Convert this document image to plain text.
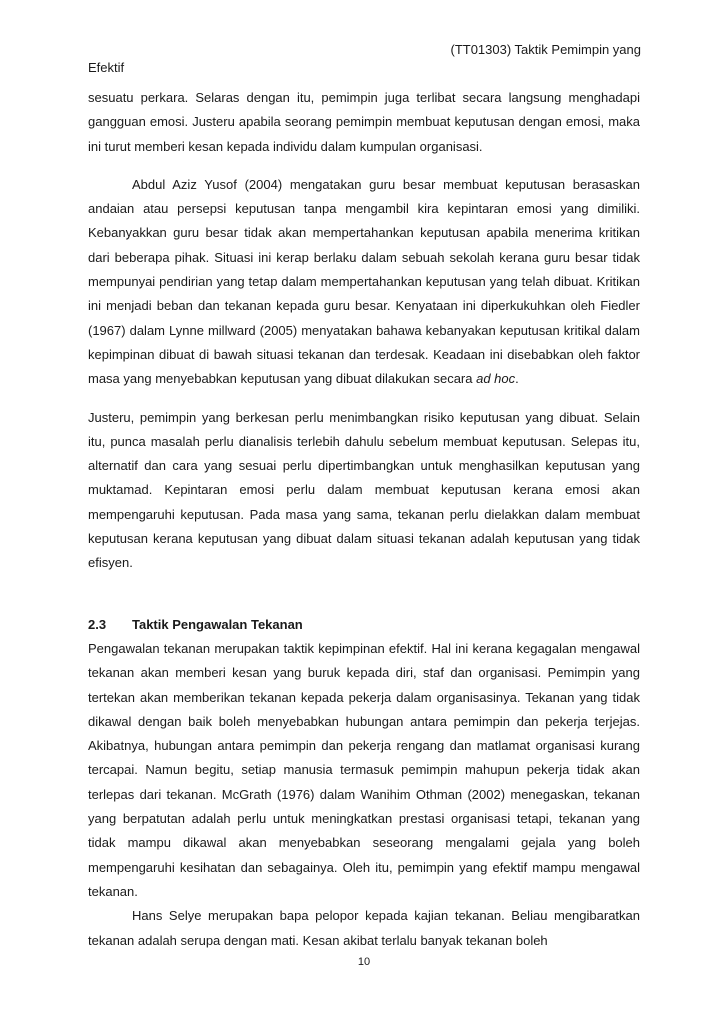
(TT01303) Taktik Pemimpin yang
Efektif

sesuatu perkara. Selaras dengan itu, pemimpin juga terlibat secara langsung menghadapi gangguan emosi. Justeru apabila seorang pemimpin membuat keputusan dengan emosi, maka ini turut memberi kesan kepada individu dalam kumpulan organisasi.

Abdul Aziz Yusof (2004) mengatakan guru besar membuat keputusan berasaskan andaian atau persepsi keputusan tanpa mengambil kira kepintaran emosi yang dimiliki. Kebanyakkan guru besar tidak akan mempertahankan keputusan apabila menerima kritikan dari beberapa pihak. Situasi ini kerap berlaku dalam sebuah sekolah kerana guru besar tidak mempunyai pendirian yang tetap dalam mempertahankan keputusan yang telah dibuat. Kritikan ini menjadi beban dan tekanan kepada guru besar. Kenyataan ini diperkukuhkan oleh Fiedler (1967) dalam Lynne millward (2005) menyatakan bahawa kebanyakan keputusan kritikal dalam kepimpinan dibuat di bawah situasi tekanan dan terdesak. Keadaan ini disebabkan oleh faktor masa yang menyebabkan keputusan yang dibuat dilakukan secara ad hoc.

Justeru, pemimpin yang berkesan perlu menimbangkan risiko keputusan yang dibuat. Selain itu, punca masalah perlu dianalisis terlebih dahulu sebelum membuat keputusan. Selepas itu, alternatif dan cara yang sesuai perlu dipertimbangkan untuk menghasilkan keputusan yang muktamad. Kepintaran emosi perlu dalam membuat keputusan kerana emosi akan mempengaruhi keputusan. Pada masa yang sama, tekanan perlu dielakkan dalam membuat keputusan kerana keputusan yang dibuat dalam situasi tekanan adalah keputusan yang tidak efisyen.

2.3	Taktik Pengawalan Tekanan

Pengawalan tekanan merupakan taktik kepimpinan efektif. Hal ini kerana kegagalan mengawal tekanan akan memberi kesan yang buruk kepada diri, staf dan organisasi. Pemimpin yang tertekan akan memberikan tekanan kepada pekerja dalam organisasinya. Tekanan yang tidak dikawal dengan baik boleh menyebabkan hubungan antara pemimpin dan pekerja terjejas. Akibatnya, hubungan antara pemimpin dan pekerja rengang dan matlamat organisasi kurang tercapai. Namun begitu, setiap manusia termasuk pemimpin mahupun pekerja tidak akan terlepas dari tekanan. McGrath (1976) dalam Wanihim Othman (2002) menegaskan, tekanan yang berpatutan adalah perlu untuk meningkatkan prestasi organisasi tetapi, tekanan yang tidak mampu dikawal akan menyebabkan seseorang mengalami gejala yang boleh mempengaruhi kesihatan dan sebagainya. Oleh itu, pemimpin yang efektif mampu mengawal tekanan.

Hans Selye merupakan bapa pelopor kepada kajian tekanan. Beliau mengibaratkan tekanan adalah serupa dengan mati. Kesan akibat terlalu banyak tekanan boleh

10
